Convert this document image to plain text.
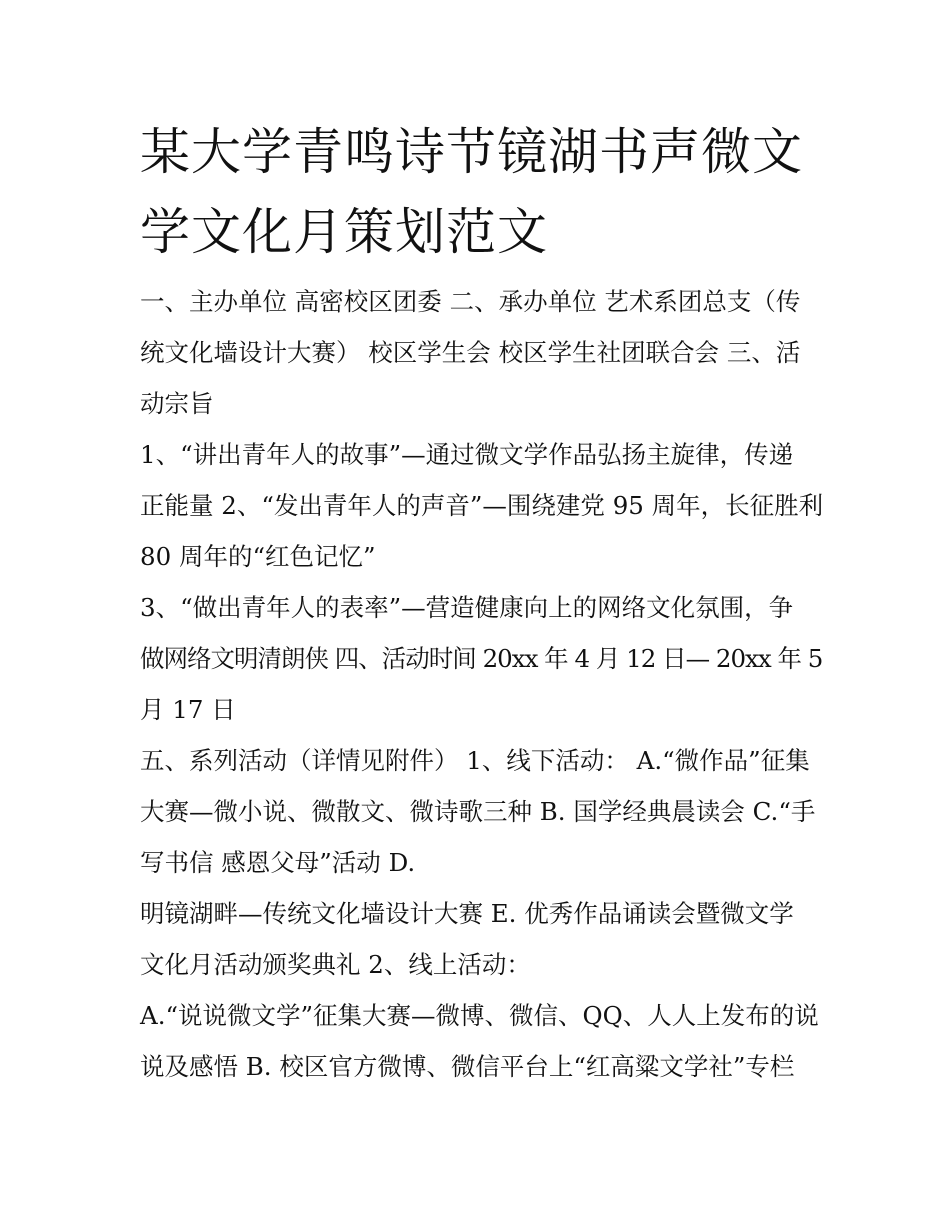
某大学青鸣诗节镜湖书声微文
学文化月策划范文

一、主办单位 高密校区团委 二、承办单位 艺术系团总支（传

统文化墙设计大赛） 校区学生会 校区学生社团联合会 三、活

动宗旨

1、“讲出青年人的故事”—通过微文学作品弘扬主旋律，传递

正能量 2、“发出青年人的声音”—围绕建党 95 周年，长征胜利

80 周年的“红色记忆”

3、“做出青年人的表率”—营造健康向上的网络文化氛围，争

做网络文明清朗侠 四、活动时间 20xx 年 4 月 12 日— 20xx 年 5

月 17 日

五、系列活动（详情见附件） 1、线下活动： A.“微作品”征集

大赛—微小说、微散文、微诗歌三种 B. 国学经典晨读会 C.“手

写书信 感恩父母”活动 D.

明镜湖畔—传统文化墙设计大赛 E. 优秀作品诵读会暨微文学

文化月活动颁奖典礼 2、线上活动：

A.“说说微文学”征集大赛—微博、微信、QQ、人人上发布的说

说及感悟 B. 校区官方微博、微信平台上“红高粱文学社”专栏
